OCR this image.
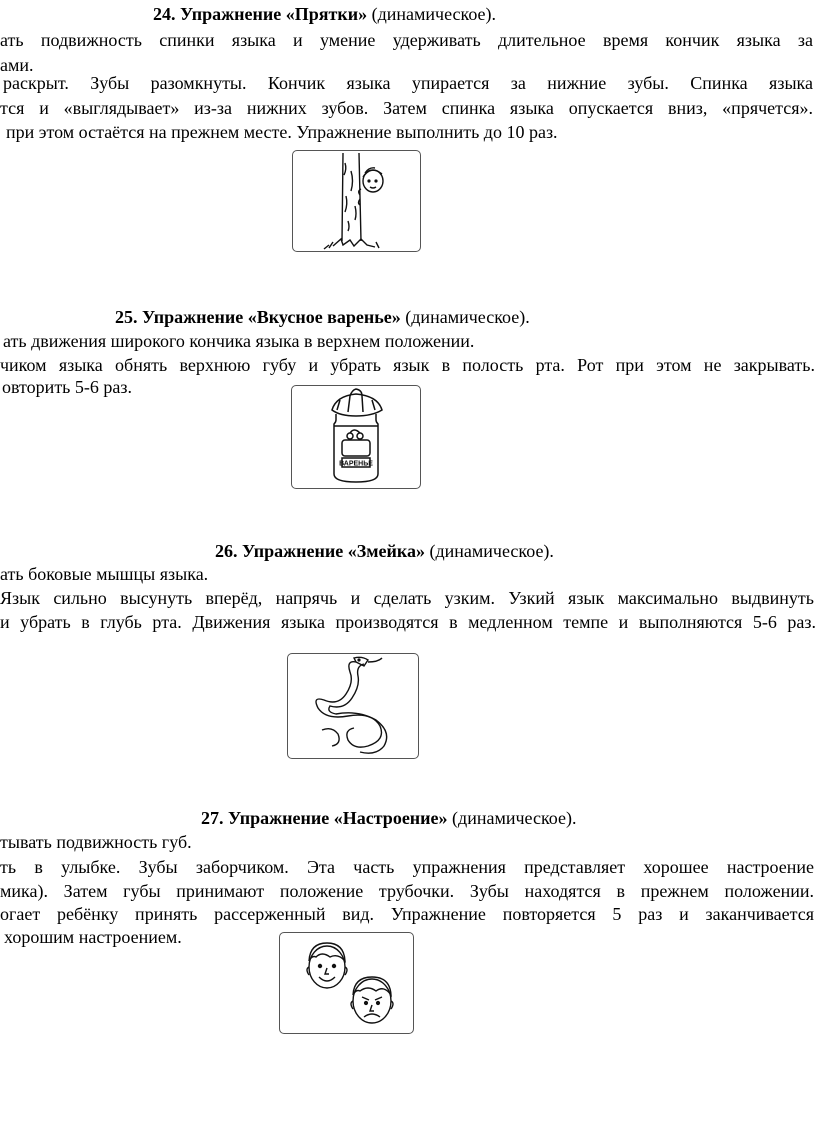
24. Упражнение «Прятки» (динамическое).
ать подвижность спинки языка и умение удерживать длительное время кончик языка за
ами.
раскрыт. Зубы разомкнуты. Кончик языка упирается за нижние зубы. Спинка языка
тся и «выглядывает» из-за нижних зубов. Затем спинка языка опускается вниз, «прячется».
при этом остаётся на прежнем месте. Упражнение выполнить до 10 раз.
25. Упражнение «Вкусное варенье» (динамическое).
ать движения широкого кончика языка в верхнем положении.
чиком языка обнять верхнюю губу и убрать язык в полость рта. Рот при этом не закрывать.
овторить 5-6 раз.
ВАРЕНЬЕ
26. Упражнение «Змейка» (динамическое).
ать боковые мышцы языка.
Язык сильно высунуть вперёд, напрячь и сделать узким. Узкий язык максимально выдвинуть
и убрать в глубь рта. Движения языка производятся в медленном темпе и выполняются 5-6 раз.
27. Упражнение «Настроение» (динамическое).
тывать подвижность губ.
ть в улыбке. Зубы заборчиком. Эта часть упражнения представляет хорошее настроение
мика). Затем губы принимают положение трубочки. Зубы находятся в прежнем положении.
огает ребёнку принять рассерженный вид. Упражнение повторяется 5 раз и заканчивается
хорошим настроением.
